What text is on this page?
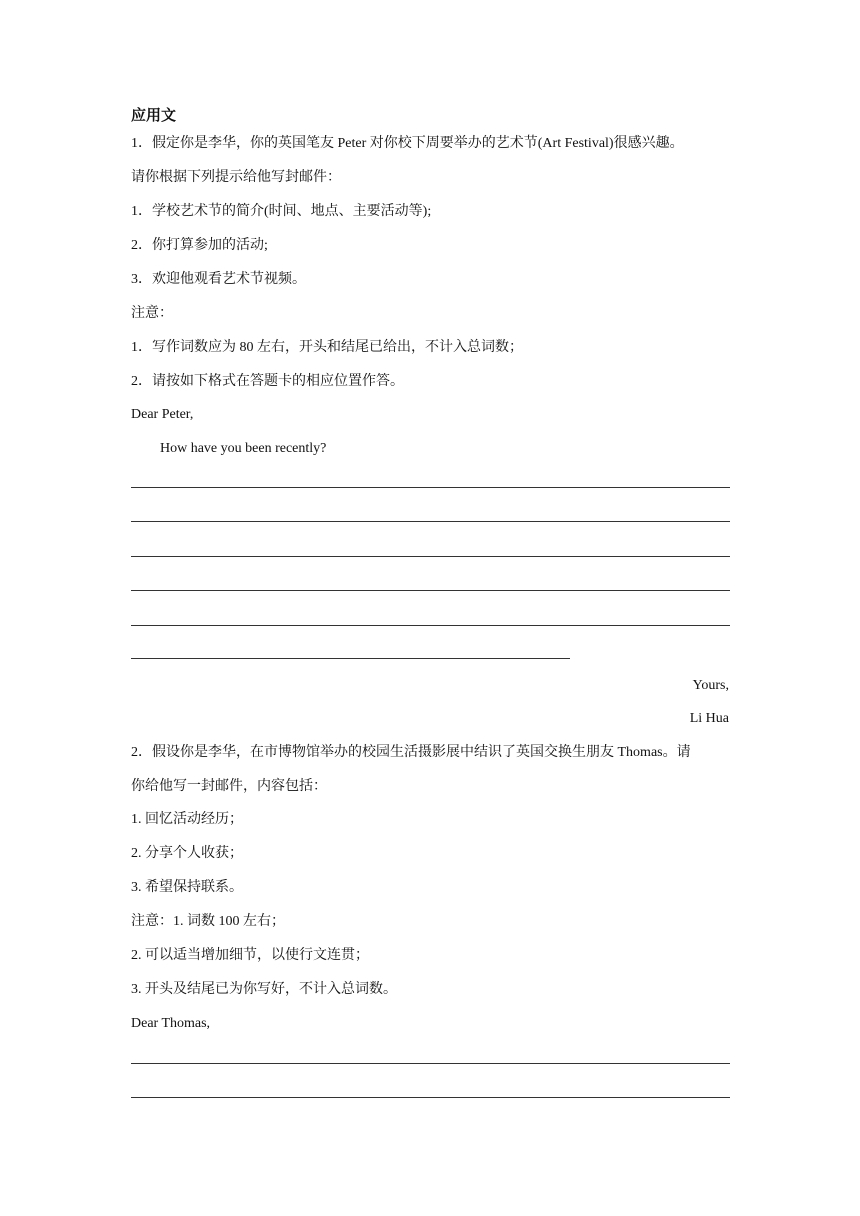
应用文
1．假定你是李华，你的英国笔友 Peter 对你校下周要举办的艺术节(Art Festival)很感兴趣。
请你根据下列提示给他写封邮件：
1．学校艺术节的简介(时间、地点、主要活动等);
2．你打算参加的活动;
3．欢迎他观看艺术节视频。
注意：
1．写作词数应为 80 左右，开头和结尾已给出，不计入总词数；
2．请按如下格式在答题卡的相应位置作答。
Dear Peter,
How have you been recently?
Yours,
Li Hua
2．假设你是李华，在市博物馆举办的校园生活摄影展中结识了英国交换生朋友 Thomas。请
你给他写一封邮件，内容包括：
1. 回忆活动经历；
2. 分享个人收获；
3. 希望保持联系。
注意：1. 词数 100 左右；
2. 可以适当增加细节，以使行文连贯；
3. 开头及结尾已为你写好，不计入总词数。
Dear Thomas,
